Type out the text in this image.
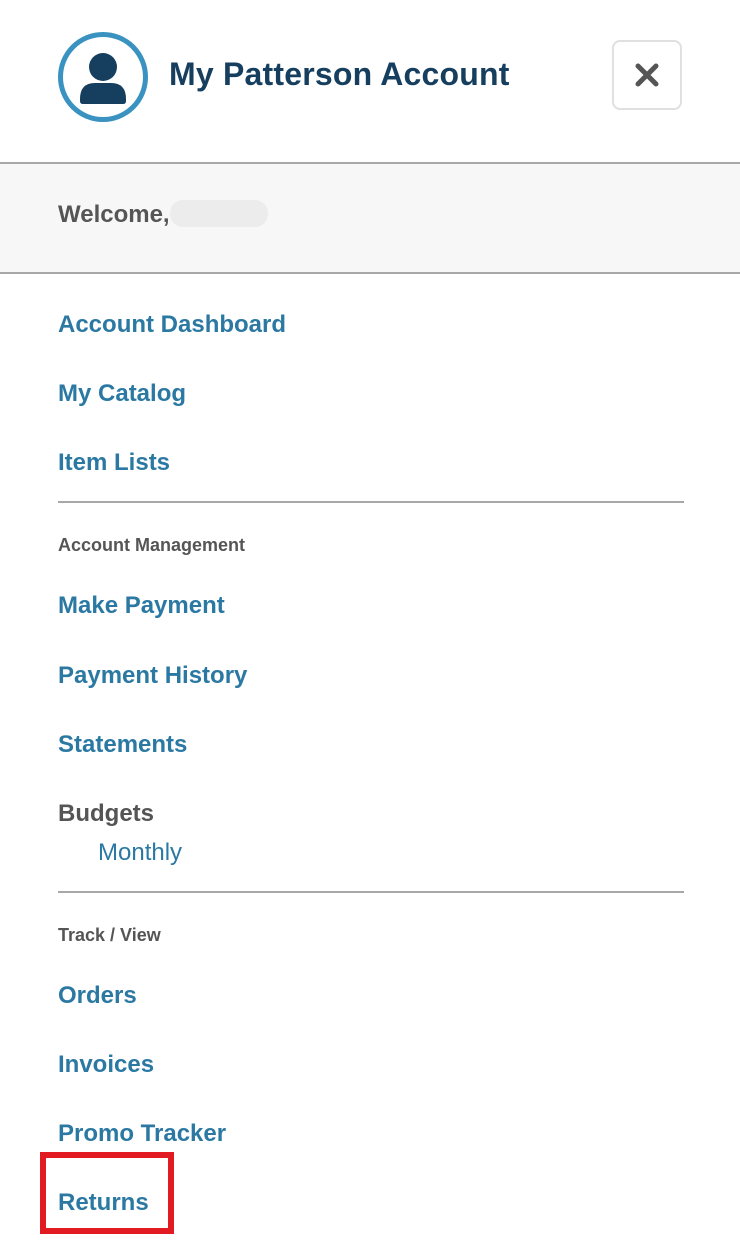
My Patterson Account
Welcome,
Account Dashboard
My Catalog
Item Lists
Account Management
Make Payment
Payment History
Statements
Budgets
Monthly
Track / View
Orders
Invoices
Promo Tracker
Returns
